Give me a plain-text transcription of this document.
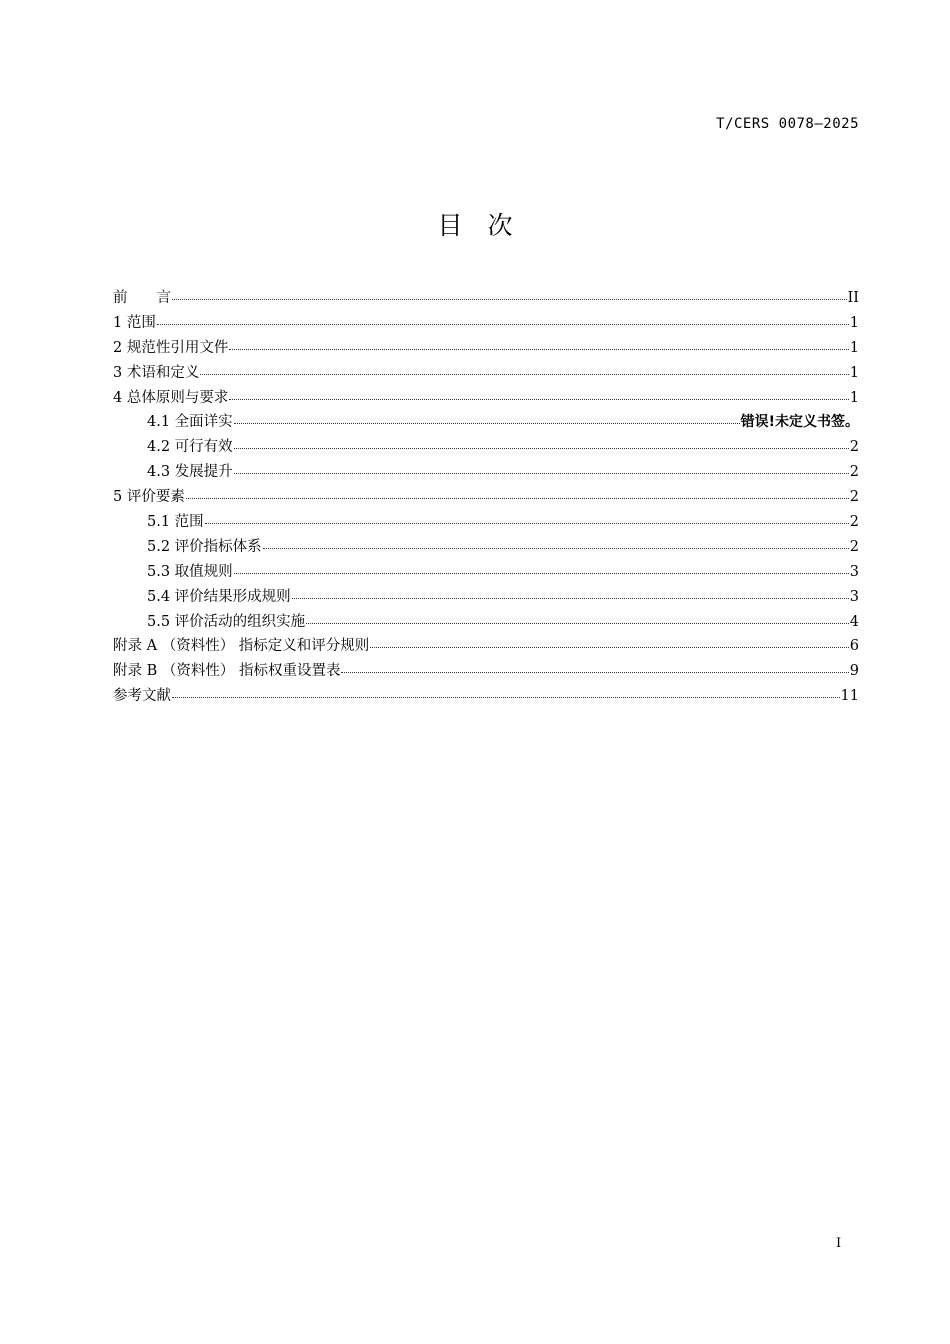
T/CERS 0078—2025
目　次
前　　言	II
1 范围	1
2 规范性引用文件	1
3 术语和定义	1
4 总体原则与要求	1
4.1 全面详实	错误!未定义书签。
4.2 可行有效	2
4.3 发展提升	2
5 评价要素	2
5.1 范围	2
5.2 评价指标体系	2
5.3 取值规则	3
5.4 评价结果形成规则	3
5.5 评价活动的组织实施	4
附录 A （资料性） 指标定义和评分规则	6
附录 B （资料性） 指标权重设置表	9
参考文献	11
I
